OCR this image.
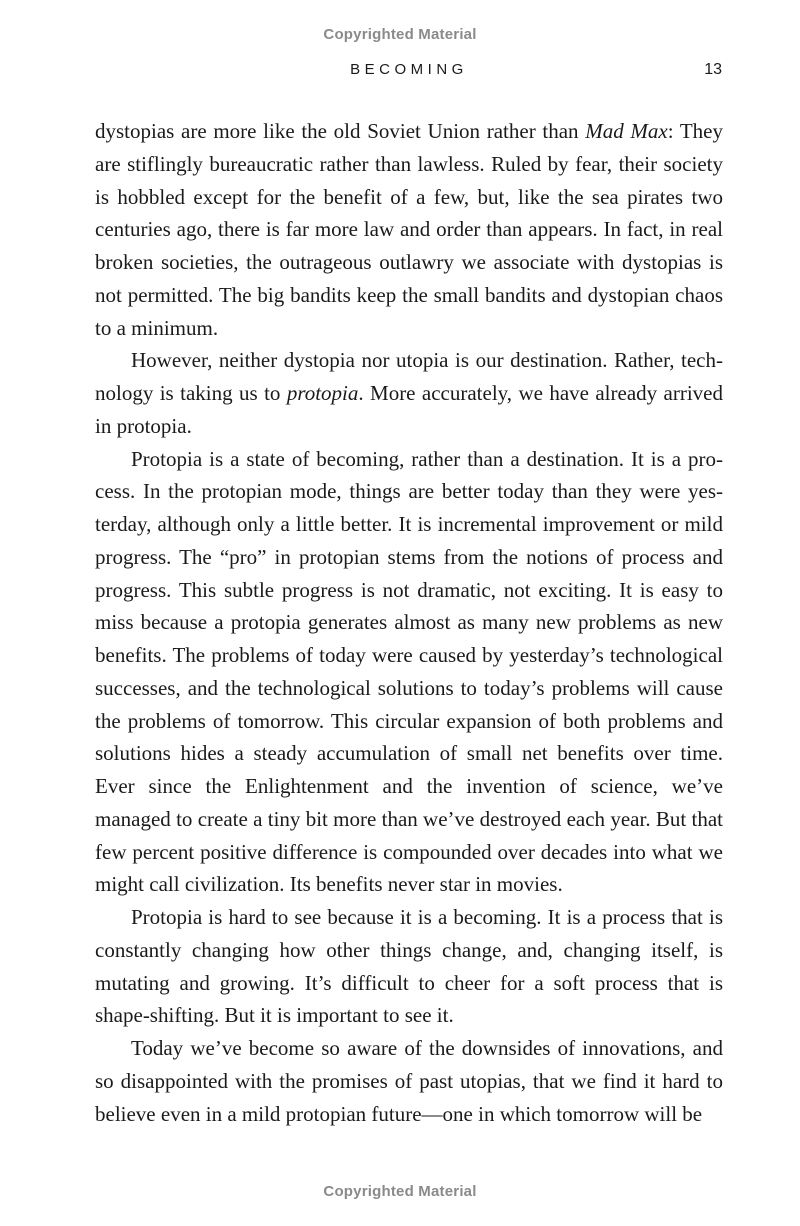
Copyrighted Material
BECOMING	13

dystopias are more like the old Soviet Union rather than Mad Max: They are stiflingly bureaucratic rather than lawless. Ruled by fear, their society is hobbled except for the benefit of a few, but, like the sea pirates two centuries ago, there is far more law and order than appears. In fact, in real broken societies, the outrageous outlawry we associate with dystopias is not permitted. The big bandits keep the small bandits and dystopian chaos to a minimum.

However, neither dystopia nor utopia is our destination. Rather, technology is taking us to protopia. More accurately, we have already arrived in protopia.

Protopia is a state of becoming, rather than a destination. It is a process. In the protopian mode, things are better today than they were yesterday, although only a little better. It is incremental improvement or mild progress. The “pro” in protopian stems from the notions of process and progress. This subtle progress is not dramatic, not exciting. It is easy to miss because a protopia generates almost as many new problems as new benefits. The problems of today were caused by yesterday’s technological successes, and the technological solutions to today’s problems will cause the problems of tomorrow. This circular expansion of both problems and solutions hides a steady accumulation of small net benefits over time. Ever since the Enlightenment and the invention of science, we’ve managed to create a tiny bit more than we’ve destroyed each year. But that few percent positive difference is compounded over decades into what we might call civilization. Its benefits never star in movies.

Protopia is hard to see because it is a becoming. It is a process that is constantly changing how other things change, and, changing itself, is mutating and growing. It’s difficult to cheer for a soft process that is shape-shifting. But it is important to see it.

Today we’ve become so aware of the downsides of innovations, and so disappointed with the promises of past utopias, that we find it hard to believe even in a mild protopian future—one in which tomorrow will be

Copyrighted Material
